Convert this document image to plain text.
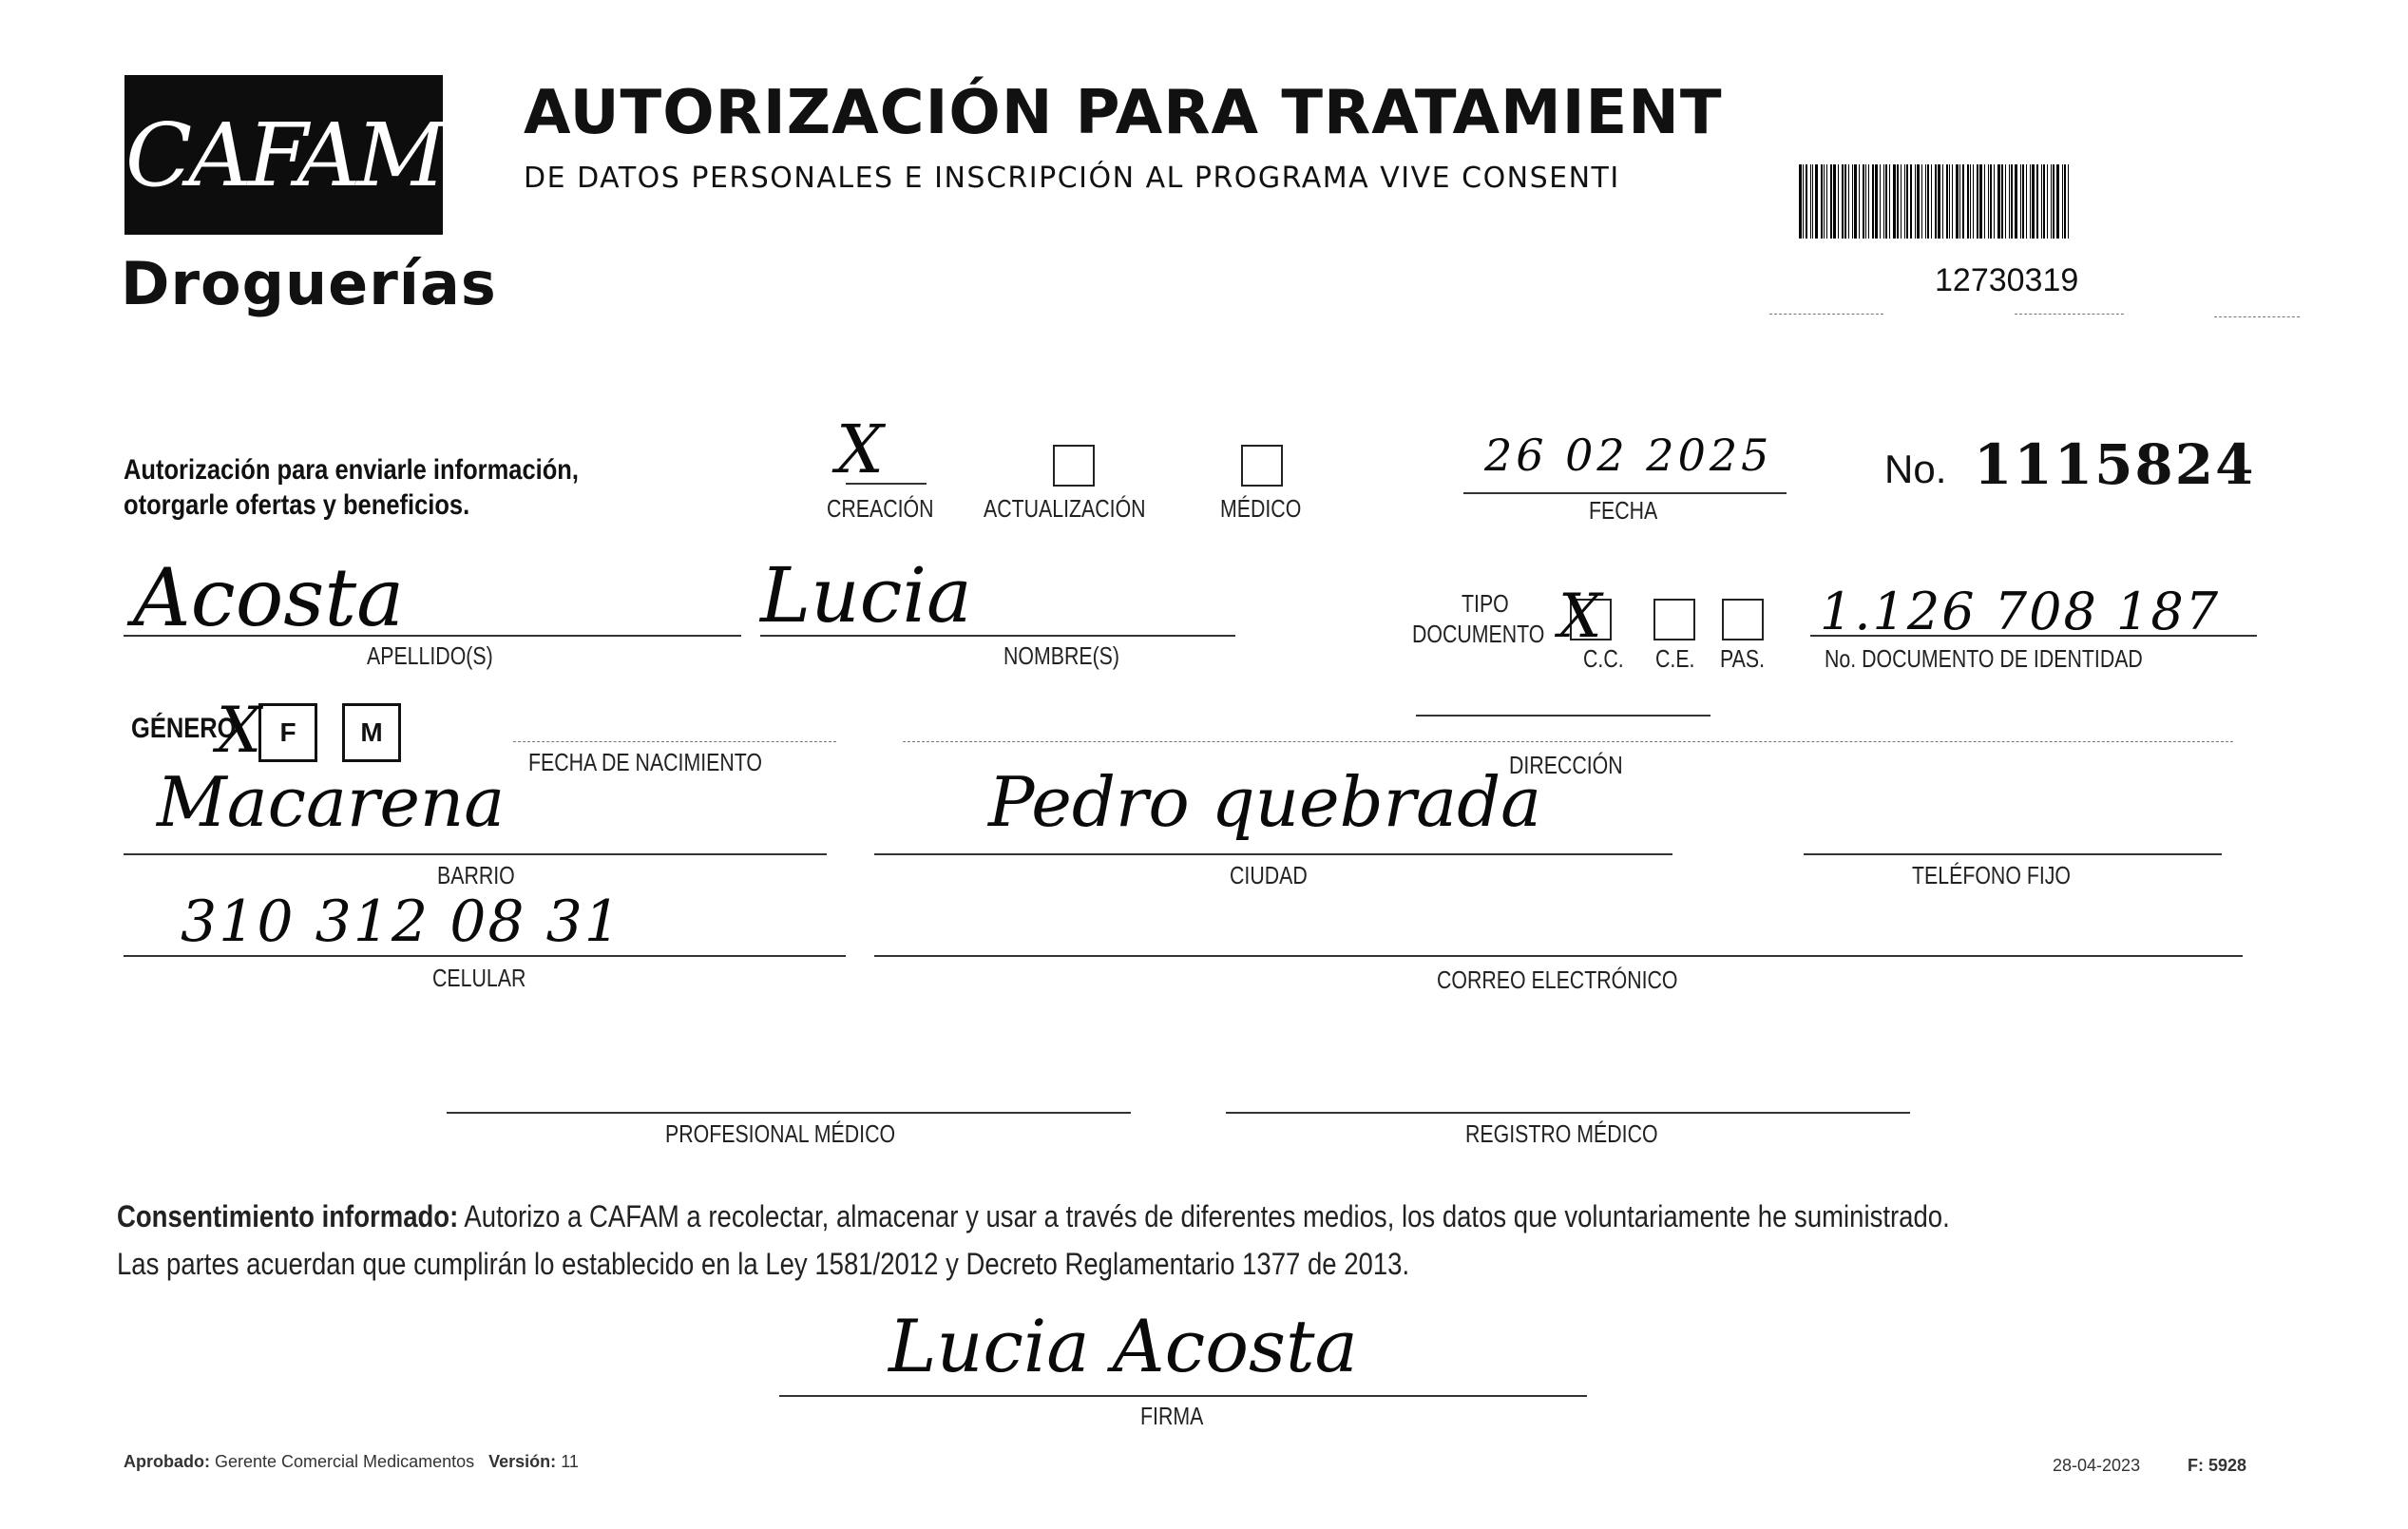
CAFAM
Droguerías
AUTORIZACIÓN PARA TRATAMIENT
DE DATOS PERSONALES E INSCRIPCIÓN AL PROGRAMA VIVE CONSENTI
12730319
Autorización para enviarle información,
otorgarle ofertas y beneficios.
X
CREACIÓN ACTUALIZACIÓN	MÉDICO
26 02 2025
FECHA
No. 1115824
Acosta
APELLIDO(S)
Lucia
NOMBRE(S)
TIPO
DOCUMENTO X
C.C. C.E. PAS.
1.126 708 187
No. DOCUMENTO DE IDENTIDAD
GÉNERO F M
X	FECHA DE NACIMIENTO	DIRECCIÓN
Macarena
BARRIO
Pedro quebrada
CIUDAD	TELÉFONO FIJO
310 312 08 31
CELULAR	CORREO ELECTRÓNICO
PROFESIONAL MÉDICO	REGISTRO MÉDICO
Consentimiento informado: Autorizo a CAFAM a recolectar, almacenar y usar a través de diferentes medios, los datos que voluntariamente he suministrado.
Las partes acuerdan que cumplirán lo establecido en la Ley 1581/2012 y Decreto Reglamentario 1377 de 2013.
Lucia Acosta
FIRMA
Aprobado: Gerente Comercial Medicamentos Versión: 11	28-04-2023	F: 5928
